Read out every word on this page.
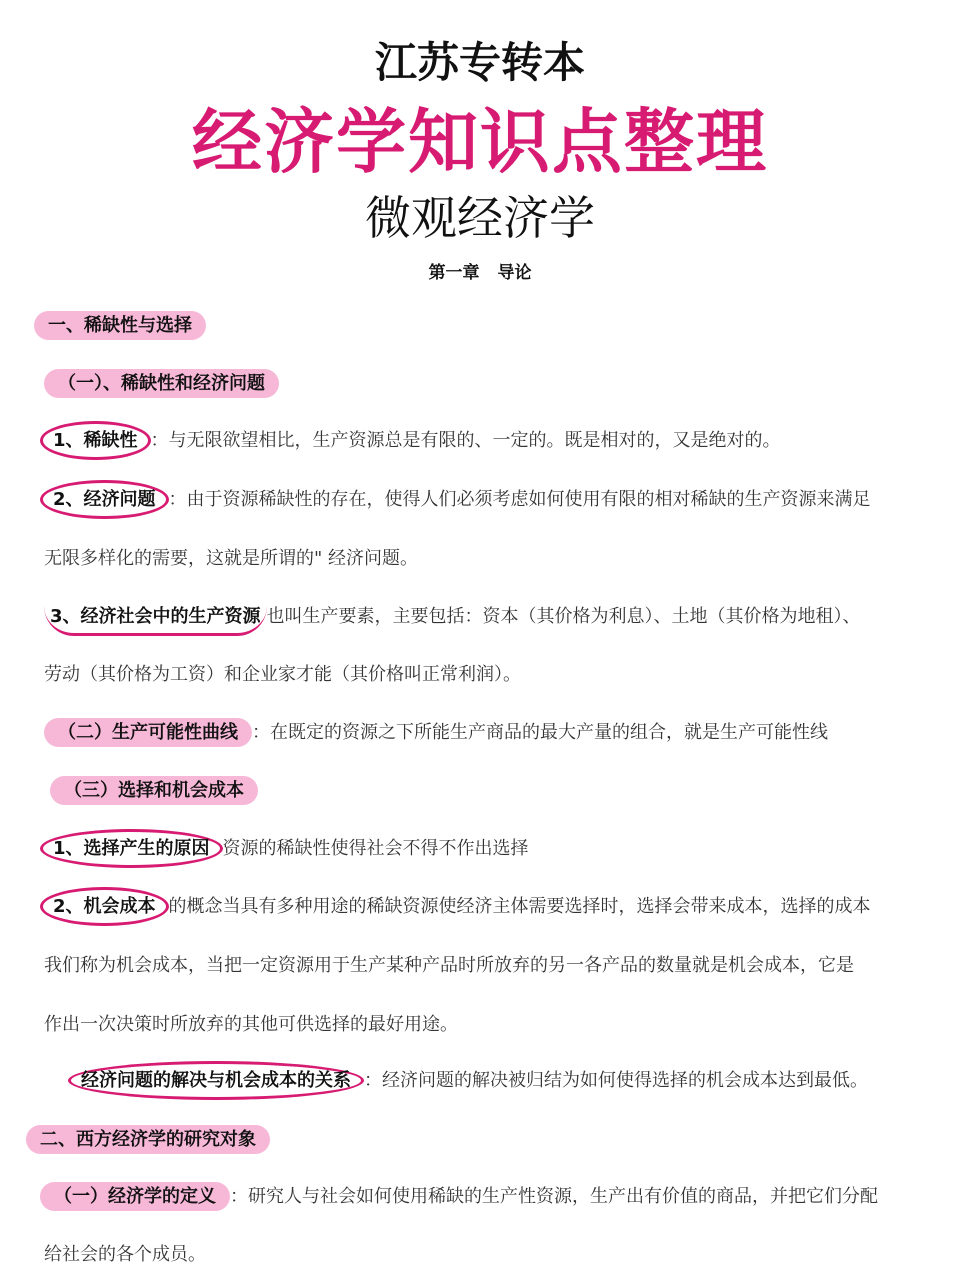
江苏专转本
经济学知识点整理
微观经济学
第一章 导论
一、稀缺性与选择
（一）、稀缺性和经济问题
1、稀缺性 ：与无限欲望相比，生产资源总是有限的、一定的。既是相对的，又是绝对的。
2、经济问题 ：由于资源稀缺性的存在，使得人们必须考虑如何使用有限的相对稀缺的生产资源来满足
无限多样化的需要，这就是所谓的" 经济问题。
3、经济社会中的生产资源 也叫生产要素，主要包括：资本（其价格为利息）、土地（其价格为地租）、
劳动（其价格为工资）和企业家才能（其价格叫正常利润）。
（二）生产可能性曲线 ：在既定的资源之下所能生产商品的最大产量的组合，就是生产可能性线
（三）选择和机会成本
1、选择产生的原因 资源的稀缺性使得社会不得不作出选择
2、机会成本 的概念当具有多种用途的稀缺资源使经济主体需要选择时，选择会带来成本，选择的成本
我们称为机会成本，当把一定资源用于生产某种产品时所放弃的另一各产品的数量就是机会成本，它是
作出一次决策时所放弃的其他可供选择的最好用途。
经济问题的解决与机会成本的关系 ：经济问题的解决被归结为如何使得选择的机会成本达到最低。
二、西方经济学的研究对象
（一）经济学的定义 ：研究人与社会如何使用稀缺的生产性资源，生产出有价值的商品，并把它们分配
给社会的各个成员。
